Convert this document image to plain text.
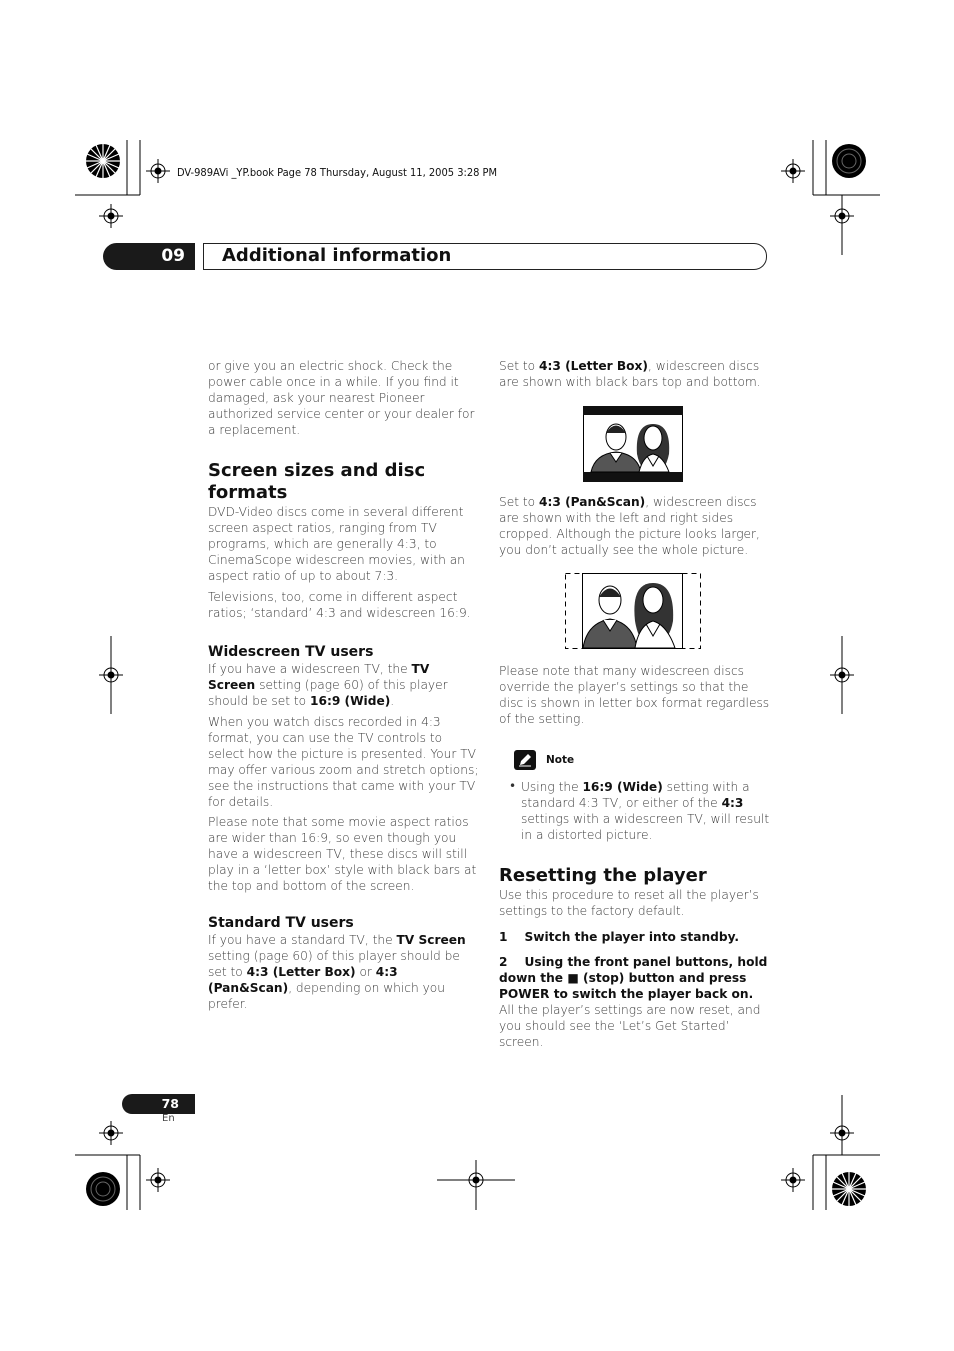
DV-989AVi _YP.book Page 78 Thursday, August 11, 2005 3:28 PM
09 Additional information

or give you an electric shock. Check the power cable once in a while. If you find it damaged, ask your nearest Pioneer authorized service center or your dealer for a replacement.

Screen sizes and disc formats

DVD-Video discs come in several different screen aspect ratios, ranging from TV programs, which are generally 4:3, to CinemaScope widescreen movies, with an aspect ratio of up to about 7:3.

Televisions, too, come in different aspect ratios; ‘standard’ 4:3 and widescreen 16:9.

Widescreen TV users

If you have a widescreen TV, the TV Screen setting (page 60) of this player should be set to 16:9 (Wide).

When you watch discs recorded in 4:3 format, you can use the TV controls to select how the picture is presented. Your TV may offer various zoom and stretch options; see the instructions that came with your TV for details.

Please note that some movie aspect ratios are wider than 16:9, so even though you have a widescreen TV, these discs will still play in a ‘letter box’ style with black bars at the top and bottom of the screen.

Standard TV users

If you have a standard TV, the TV Screen setting (page 60) of this player should be set to 4:3 (Letter Box) or 4:3 (Pan&Scan), depending on which you prefer.

Set to 4:3 (Letter Box), widescreen discs are shown with black bars top and bottom.

Set to 4:3 (Pan&Scan), widescreen discs are shown with the left and right sides cropped. Although the picture looks larger, you don’t actually see the whole picture.

Please note that many widescreen discs override the player’s settings so that the disc is shown in letter box format regardless of the setting.

Note
• Using the 16:9 (Wide) setting with a standard 4:3 TV, or either of the 4:3 settings with a widescreen TV, will result in a distorted picture.

Resetting the player

Use this procedure to reset all the player’s settings to the factory default.

1 Switch the player into standby.

2 Using the front panel buttons, hold down the ■ (stop) button and press POWER to switch the player back on.

All the player’s settings are now reset, and you should see the ‘Let’s Get Started’ screen.

78
En
